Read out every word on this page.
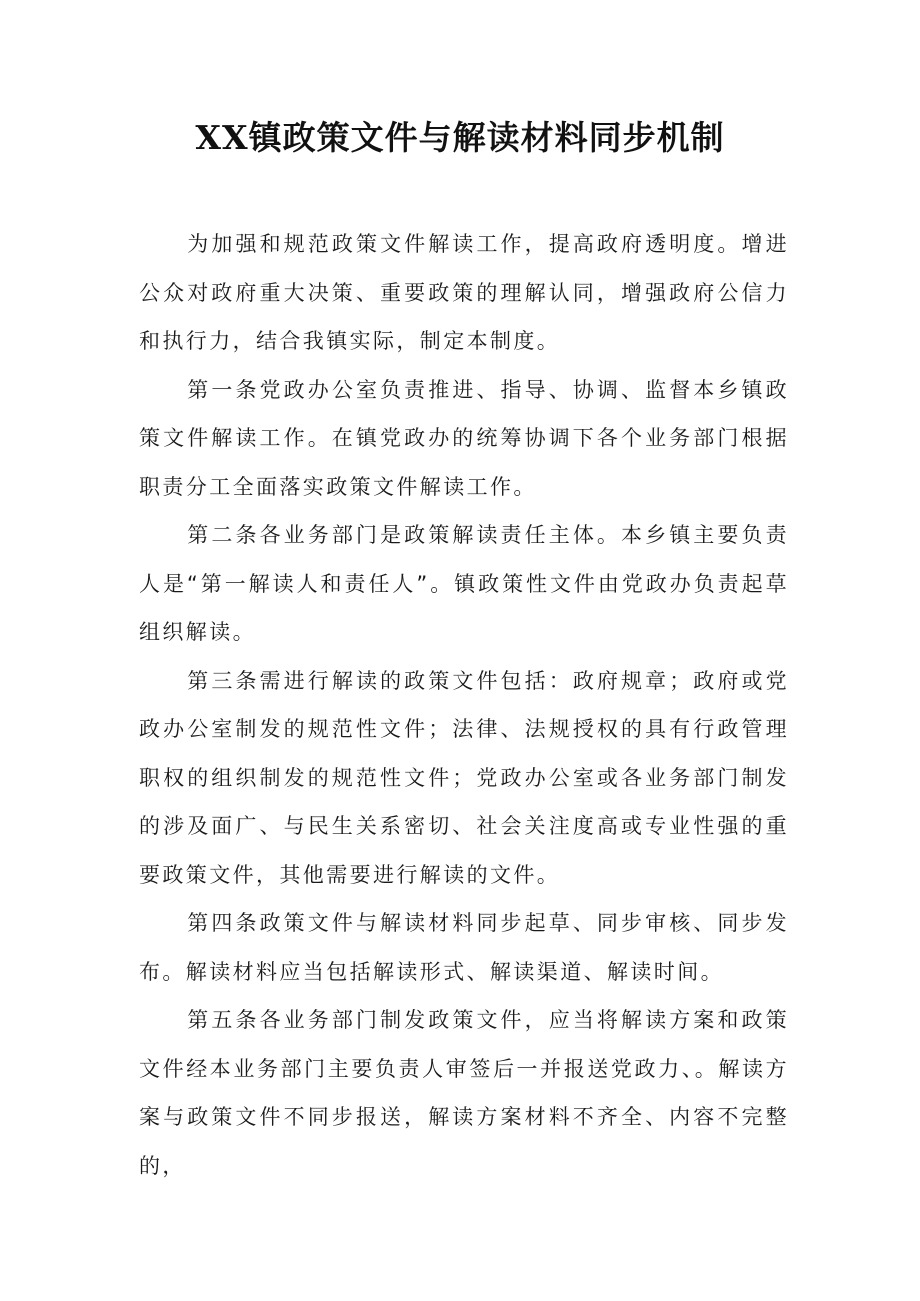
XX镇政策文件与解读材料同步机制

为加强和规范政策文件解读工作，提高政府透明度。增进公众对政府重大决策、重要政策的理解认同，增强政府公信力和执行力，结合我镇实际，制定本制度。

第一条党政办公室负责推进、指导、协调、监督本乡镇政策文件解读工作。在镇党政办的统筹协调下各个业务部门根据职责分工全面落实政策文件解读工作。

第二条各业务部门是政策解读责任主体。本乡镇主要负责人是“第一解读人和责任人”。镇政策性文件由党政办负责起草组织解读。

第三条需进行解读的政策文件包括：政府规章；政府或党政办公室制发的规范性文件；法律、法规授权的具有行政管理职权的组织制发的规范性文件；党政办公室或各业务部门制发的涉及面广、与民生关系密切、社会关注度高或专业性强的重要政策文件，其他需要进行解读的文件。

第四条政策文件与解读材料同步起草、同步审核、同步发布。解读材料应当包括解读形式、解读渠道、解读时间。

第五条各业务部门制发政策文件，应当将解读方案和政策文件经本业务部门主要负责人审签后一并报送党政力、。解读方案与政策文件不同步报送，解读方案材料不齐全、内容不完整的，
